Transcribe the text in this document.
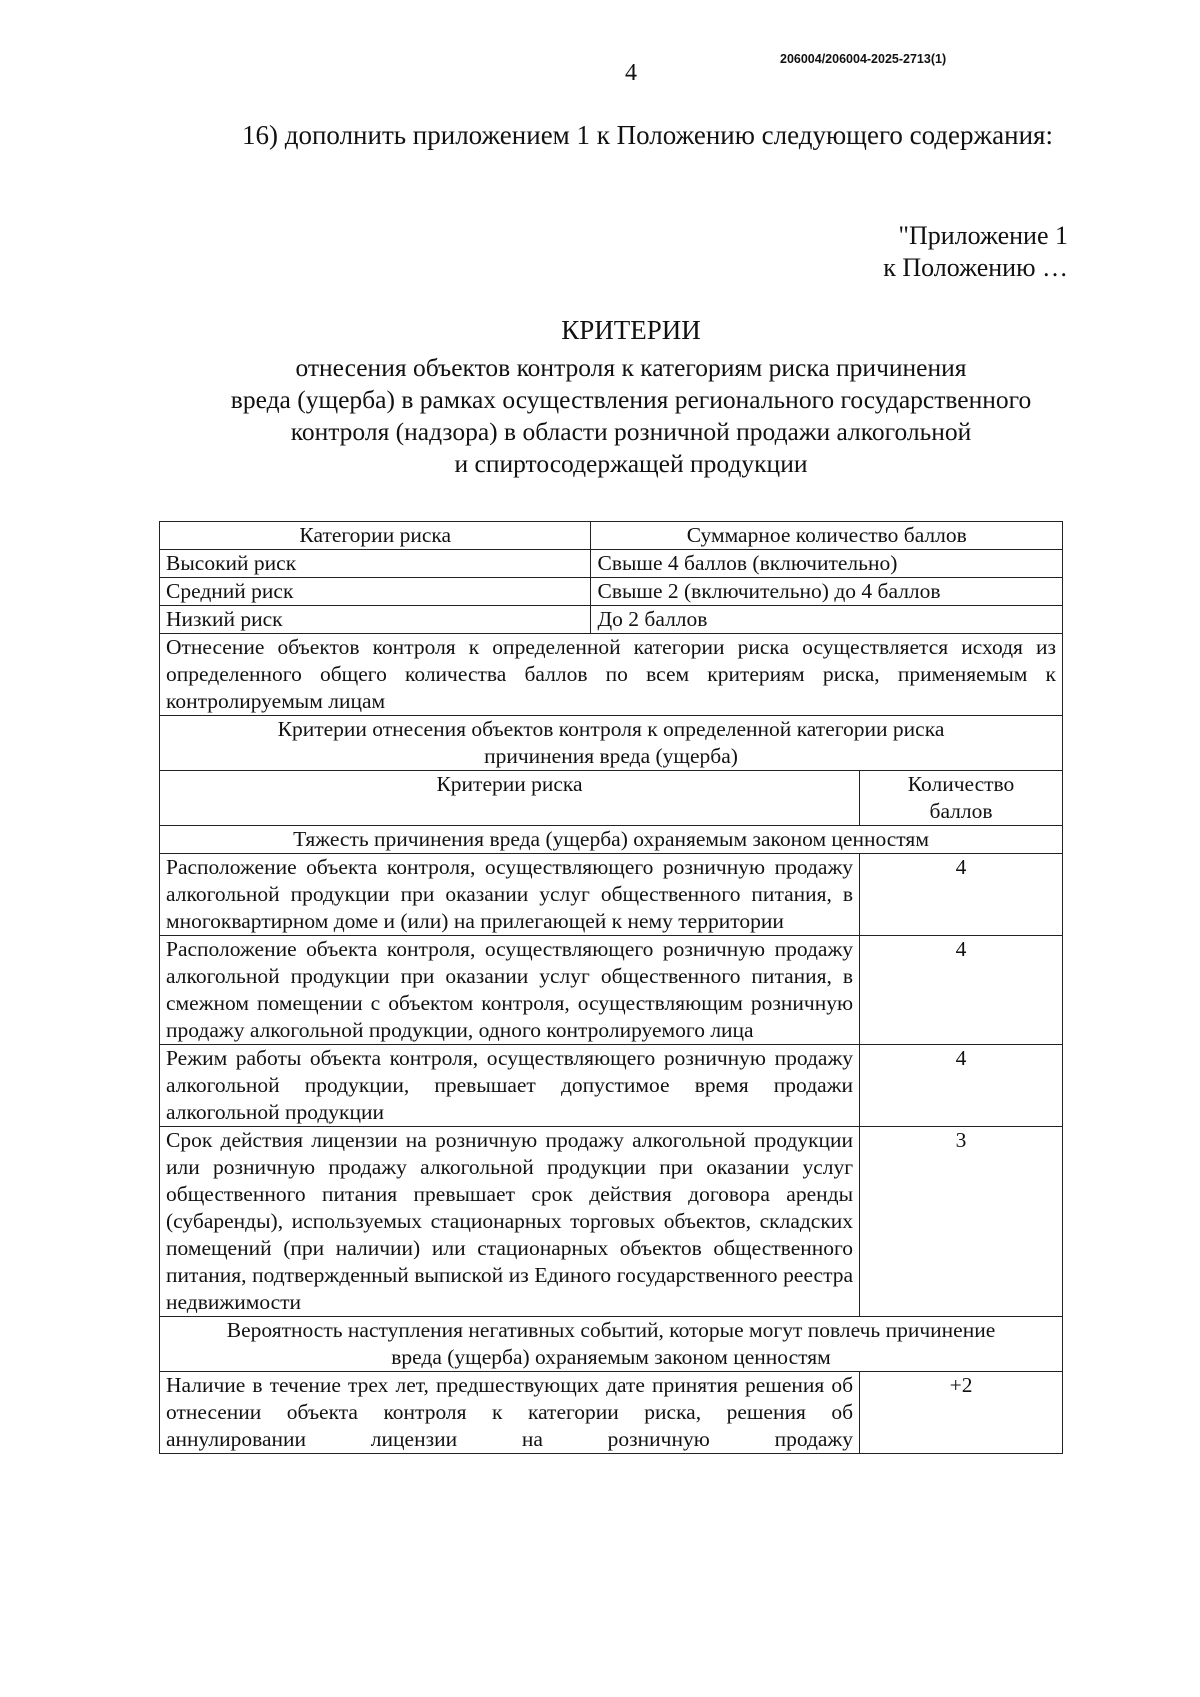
4
206004/206004-2025-2713(1)
16) дополнить приложением 1 к Положению следующего содержания:
"Приложение 1
к Положению …
КРИТЕРИИ
отнесения объектов контроля к категориям риска причинения
вреда (ущерба) в рамках осуществления регионального государственного
контроля (надзора) в области розничной продажи алкогольной
и спиртосодержащей продукции
Категории риска	Суммарное количество баллов	
Высокий риск	Свыше 4 баллов (включительно)	
Средний риск	Свыше 2 (включительно) до 4 баллов	
Низкий риск	До 2 баллов	
Отнесение объектов контроля к определенной категории риска осуществляется исходя из определенного общего количества баллов по всем критериям риска, применяемым к контролируемым лицам		
Критерии отнесения объектов контроля к определенной категории риска причинения вреда (ущерба)		
Критерии риска		Количество баллов
Тяжесть причинения вреда (ущерба) охраняемым законом ценностям		
Расположение объекта контроля, осуществляющего розничную продажу алкогольной продукции при оказании услуг общественного питания, в многоквартирном доме и (или) на прилегающей к нему территории		4
Расположение объекта контроля, осуществляющего розничную продажу алкогольной продукции при оказании услуг общественного питания, в смежном помещении с объектом контроля, осуществляющим розничную продажу алкогольной продукции, одного контролируемого лица		4
Режим работы объекта контроля, осуществляющего розничную продажу алкогольной продукции, превышает допустимое время продажи алкогольной продукции		4
Срок действия лицензии на розничную продажу алкогольной продукции или розничную продажу алкогольной продукции при оказании услуг общественного питания превышает срок действия договора аренды (субаренды), используемых стационарных торговых объектов, складских помещений (при наличии) или стационарных объектов общественного питания, подтвержденный выпиской из Единого государственного реестра недвижимости		3
Вероятность наступления негативных событий, которые могут повлечь причинение вреда (ущерба) охраняемым законом ценностям		
Наличие в течение трех лет, предшествующих дате принятия решения об отнесении объекта контроля к категории риска, решения об аннулировании лицензии на розничную продажу		+2
